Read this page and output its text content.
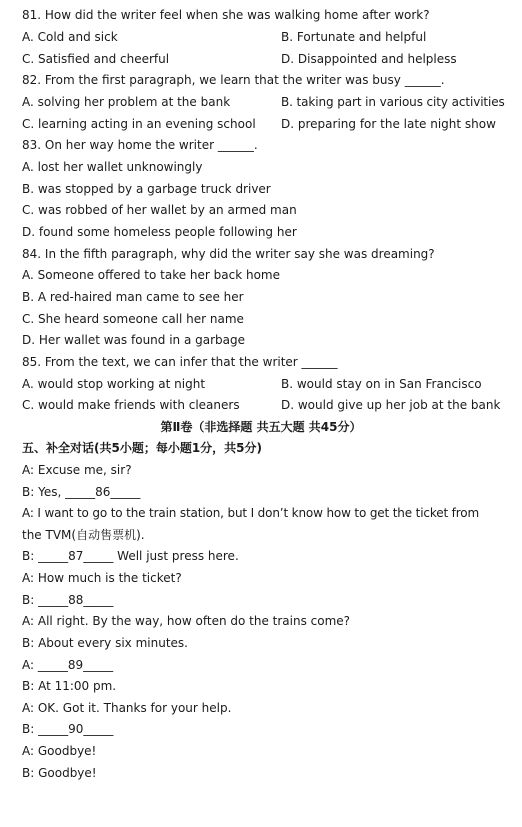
81. How did the writer feel when she was walking home after work?
A. Cold and sick	B. Fortunate and helpful
C. Satisfied and cheerful	D. Disappointed and helpless
82. From the first paragraph, we learn that the writer was busy ______.
A. solving her problem at the bank	B. taking part in various city activities
C. learning acting in an evening school D. preparing for the late night show
83. On her way home the writer ______.
A. lost her wallet unknowingly
B. was stopped by a garbage truck driver
C. was robbed of her wallet by an armed man
D. found some homeless people following her
84. In the fifth paragraph, why did the writer say she was dreaming?
A. Someone offered to take her back home
B. A red-haired man came to see her
C. She heard someone call her name
D. Her wallet was found in a garbage
85. From the text, we can infer that the writer ______
A. would stop working at night	B. would stay on in San Francisco
C. would make friends with cleaners	D. would give up her job at the bank
第Ⅱ卷（非选择题 共五大题 共45分）
五、补全对话(共5小题；每小题1分，共5分)
A: Excuse me, sir?
B: Yes, _____86_____
A: I want to go to the train station, but I don’t know how to get the ticket from
the TVM(自动售票机).
B: _____87_____ Well just press here.
A: How much is the ticket?
B: _____88_____
A: All right. By the way, how often do the trains come?
B: About every six minutes.
A: _____89_____
B: At 11:00 pm.
A: OK. Got it. Thanks for your help.
B: _____90_____
A: Goodbye!
B: Goodbye!
